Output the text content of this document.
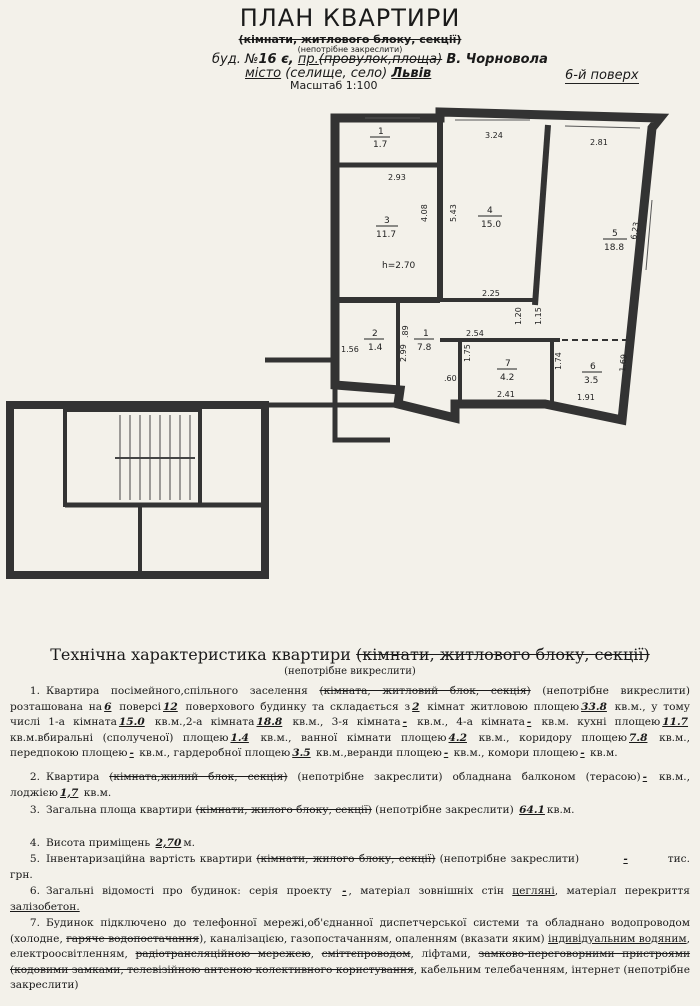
ПЛАН КВАРТИРИ
(кімнати, житлового блоку, секції)
(непотрібне закреслити)
буд. №16 є, пр.(провулок,площа) В. Чорновола
місто (селище, село) Львів
Масштаб 1:100
6-й поверх
1
1.7
3
11.7
4
15.0
5
18.8
2
1.4
1
7.8
7
4.2
6
3.5
h=2.70
3.24
2.81
2.93
4.08	5.43
6.23
2.25
2.54
1.20 1.15
1.56
.89
2.99	1.75	1.74	1.69
.60
2.41	1.91
Технічна характеристика квартири (кімнати, житлового блоку, секції)
(непотрібне викреслити)
1. Квартира посімейного,спільного заселення (кімната, житловий блок, секція) (непотрібне викреслити) розташована на 6 поверсі 12 поверхового будинку та складається з 2 кімнат житловою площею 33.8 кв.м., у тому числі 1-а кімната 15.0 кв.м.,2-а кімната 18.8 кв.м., 3-я кімната - кв.м., 4-а кімната - кв.м. кухні площею 11.7 кв.м.вбиральні (сполученої) площею 1.4 кв.м., ванної кімнати площею 4.2 кв.м., коридору площею 7.8 кв.м., передпокою площею - кв.м., гардеробної площею 3.5 кв.м.,веранди площею - кв.м., комори площею - кв.м.
2. Квартира (кімната,жилий блок, секція) (непотрібне закреслити) обладнана балконом (терасою) - кв.м., лоджією 1,7 кв.м.
3. Загальна площа квартири (кімнати, жилого блоку, секції) (непотрібне закреслити) 64.1 кв.м.
4. Висота приміщень 2,70 м.
5. Інвентаризаційна вартість квартири (кімнати, жилого блоку, секції) (непотрібне закреслити)	-	тис. грн.
6. Загальні відомості про будинок: серія проекту - , матеріал зовнішніх стін цегляні, матеріал перекриття залізобетон.
7. Будинок підключено до телефонної мережі,об'єднанної диспетчерської системи та обладнано водопроводом (холодне, гаряче водопостачання), каналізацією, газопостачанням, опаленням (вказати яким) індивідуальним водяним, електроосвітленням, радіотрансляційною мережею, сміттєпроводом, ліфтами, замково-переговорними пристроями (кодовими замками, телевізійною антеною колективного користування, кабельним телебаченням, інтернет (непотрібне закреслити)
